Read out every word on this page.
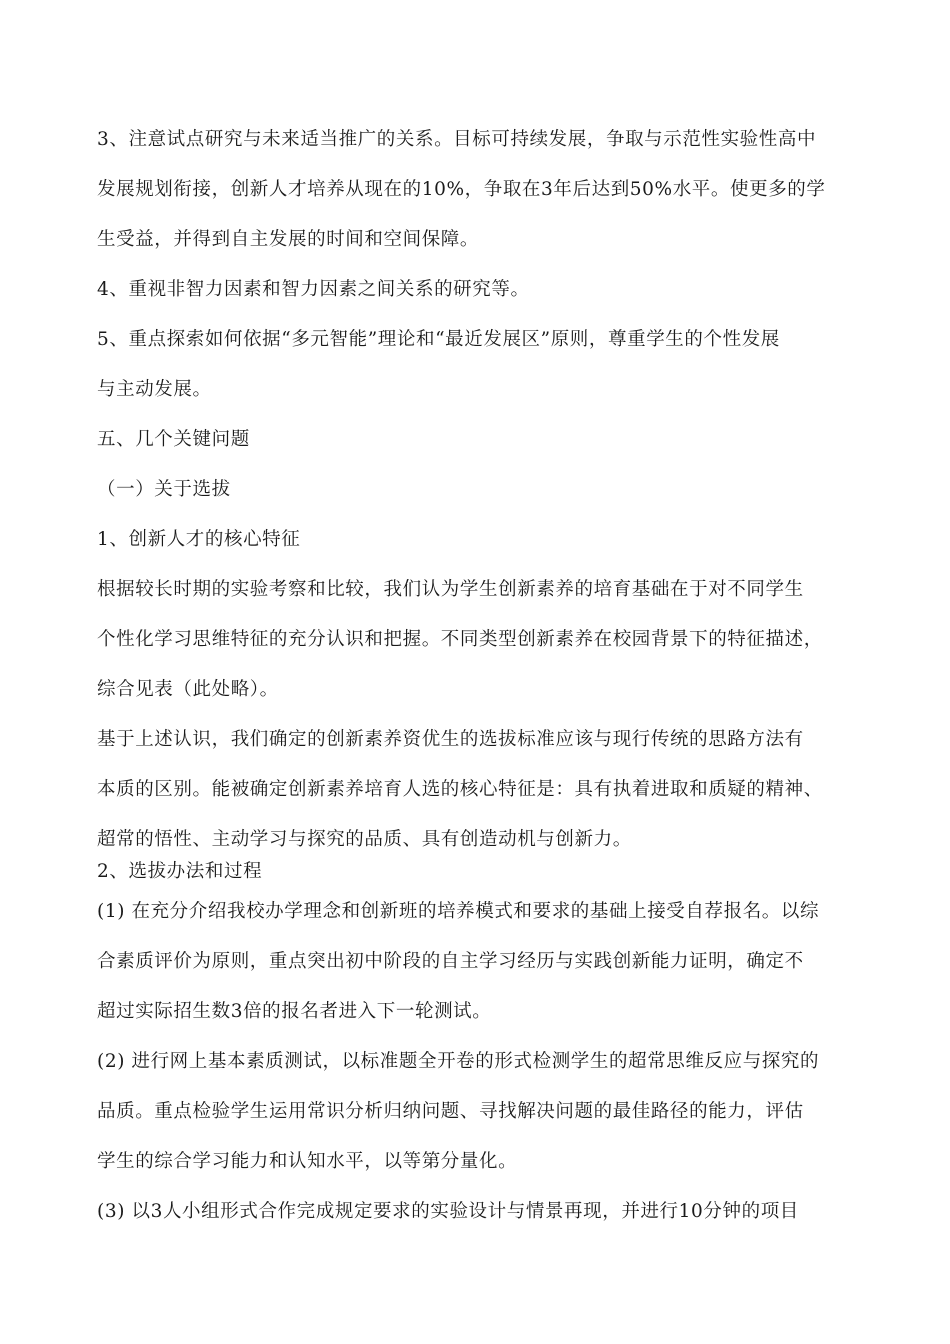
3、注意试点研究与未来适当推广的关系。目标可持续发展，争取与示范性实验性高中
发展规划衔接，创新人才培养从现在的10%，争取在3年后达到50%水平。使更多的学
生受益，并得到自主发展的时间和空间保障。
4、重视非智力因素和智力因素之间关系的研究等。
5、重点探索如何依据“多元智能”理论和“最近发展区”原则，尊重学生的个性发展
与主动发展。
五、几个关键问题
（一）关于选拔
1、创新人才的核心特征
根据较长时期的实验考察和比较，我们认为学生创新素养的培育基础在于对不同学生
个性化学习思维特征的充分认识和把握。不同类型创新素养在校园背景下的特征描述，
综合见表（此处略）。
基于上述认识，我们确定的创新素养资优生的选拔标准应该与现行传统的思路方法有
本质的区别。能被确定创新素养培育人选的核心特征是：具有执着进取和质疑的精神、
超常的悟性、主动学习与探究的品质、具有创造动机与创新力。
2、选拔办法和过程
(1) 在充分介绍我校办学理念和创新班的培养模式和要求的基础上接受自荐报名。以综
合素质评价为原则，重点突出初中阶段的自主学习经历与实践创新能力证明，确定不
超过实际招生数3倍的报名者进入下一轮测试。
(2) 进行网上基本素质测试，以标准题全开卷的形式检测学生的超常思维反应与探究的
品质。重点检验学生运用常识分析归纳问题、寻找解决问题的最佳路径的能力，评估
学生的综合学习能力和认知水平，以等第分量化。
(3) 以3人小组形式合作完成规定要求的实验设计与情景再现，并进行10分钟的项目
